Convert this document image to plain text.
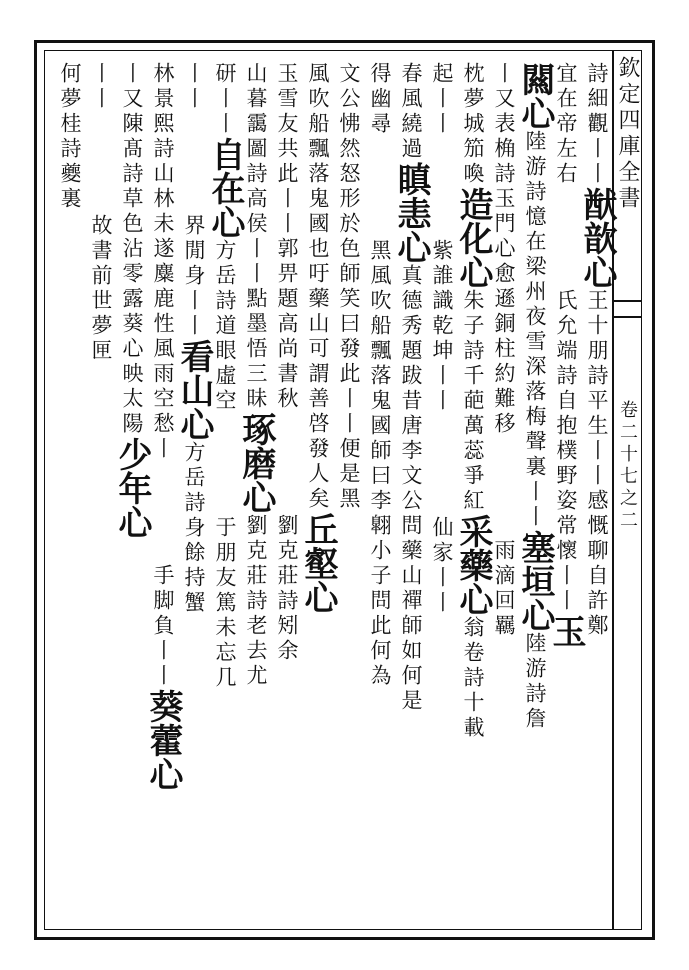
欽定四庫全書
卷二十七之二
詩細觀丨丨猷歆心王十朋詩平生丨丨感慨聊自許鄭
宜在帝左右氏允端詩自抱樸野姿常懷丨丨玉
闗心陸游詩憶在梁州夜雪深落梅聲裏丨丨塞垣心陸游詩詹
丨又表桷詩玉門心愈遜銅柱約難移雨滴回羈
枕夢城笳喚造化心朱子詩千葩萬蕊爭紅采藥心翁卷詩十載
起丨丨紫誰識乾坤丨丨仙家丨丨
春風繞過瞋恚心真德秀題跋昔唐李文公問藥山禪師如何是
得幽尋黑風吹船飄落鬼國師曰李翺小子問此何為
文公怫然怒形於色師笑曰發此丨丨便是黑
風吹船飄落鬼國也吁藥山可謂善啓發人矣丘壑心
玉雪友共此丨丨郭畀題高尚書秋劉克莊詩矧余
山暮靄圖詩高侯丨丨點墨悟三昧琢磨心劉克莊詩老去尤
研丨丨自在心方岳詩道眼虛空于朋友篤未忘几
丨丨界閒身丨丨看山心方岳詩身餘持蟹
林景熙詩山林未遂麋鹿性風雨空愁丨手脚負丨丨葵藿心
丨又陳髙詩草色沾零露葵心映太陽少年心
丨丨故書前世夢匣
何夢桂詩夔裏
